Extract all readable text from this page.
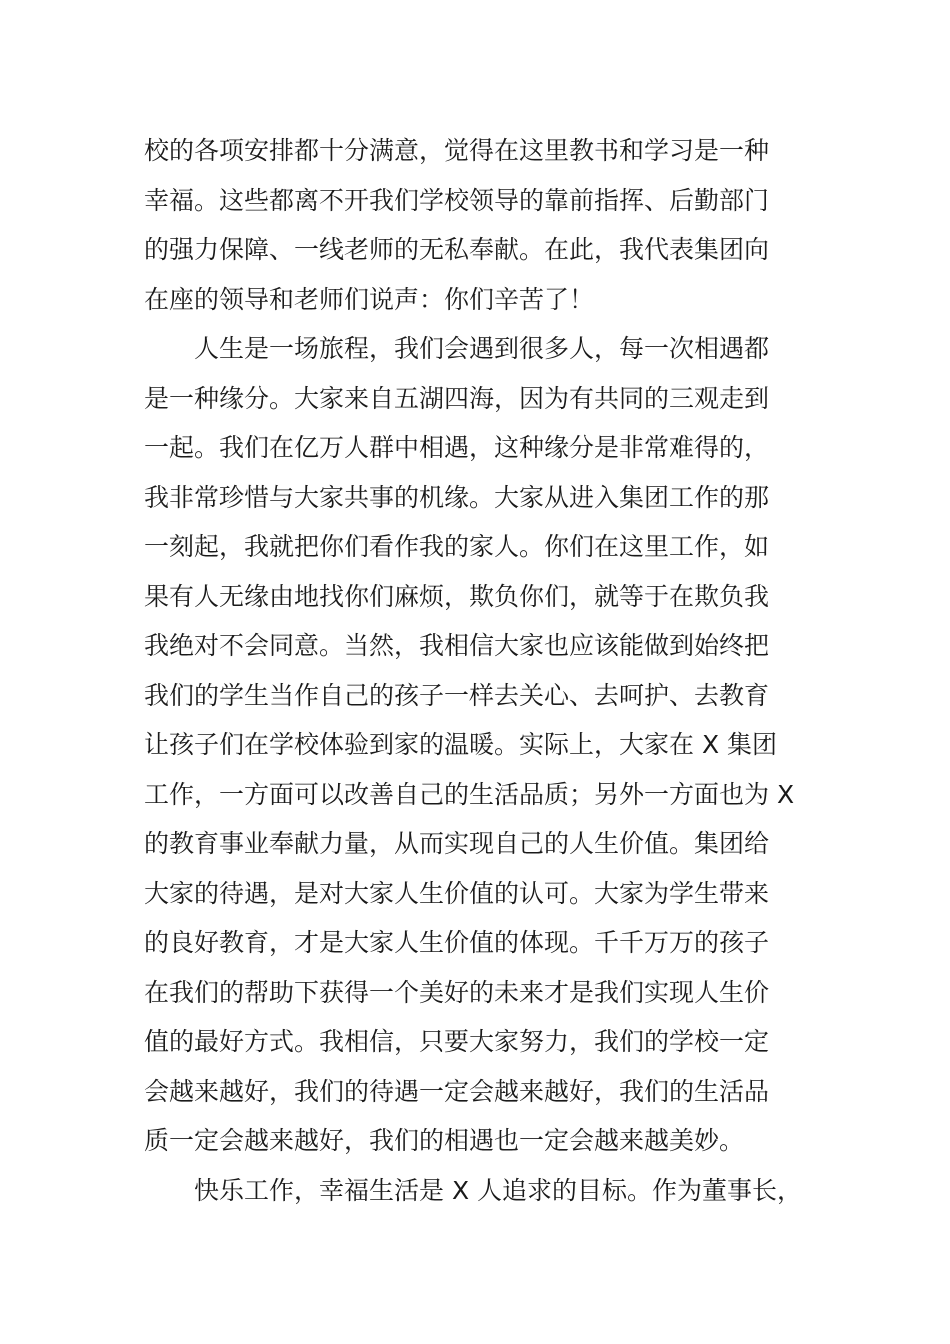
校的各项安排都十分满意，觉得在这里教书和学习是一种
幸福。这些都离不开我们学校领导的靠前指挥、后勤部门
的强力保障、一线老师的无私奉献。在此，我代表集团向
在座的领导和老师们说声：你们辛苦了！
人生是一场旅程，我们会遇到很多人，每一次相遇都
是一种缘分。大家来自五湖四海，因为有共同的三观走到
一起。我们在亿万人群中相遇，这种缘分是非常难得的，
我非常珍惜与大家共事的机缘。大家从进入集团工作的那
一刻起，我就把你们看作我的家人。你们在这里工作，如
果有人无缘由地找你们麻烦，欺负你们，就等于在欺负我
我绝对不会同意。当然，我相信大家也应该能做到始终把
我们的学生当作自己的孩子一样去关心、去呵护、去教育
让孩子们在学校体验到家的温暖。实际上，大家在 X 集团
工作，一方面可以改善自己的生活品质；另外一方面也为 X
的教育事业奉献力量，从而实现自己的人生价值。集团给
大家的待遇，是对大家人生价值的认可。大家为学生带来
的良好教育，才是大家人生价值的体现。千千万万的孩子
在我们的帮助下获得一个美好的未来才是我们实现人生价
值的最好方式。我相信，只要大家努力，我们的学校一定
会越来越好，我们的待遇一定会越来越好，我们的生活品
质一定会越来越好，我们的相遇也一定会越来越美妙。
快乐工作，幸福生活是 X 人追求的目标。作为董事长，
